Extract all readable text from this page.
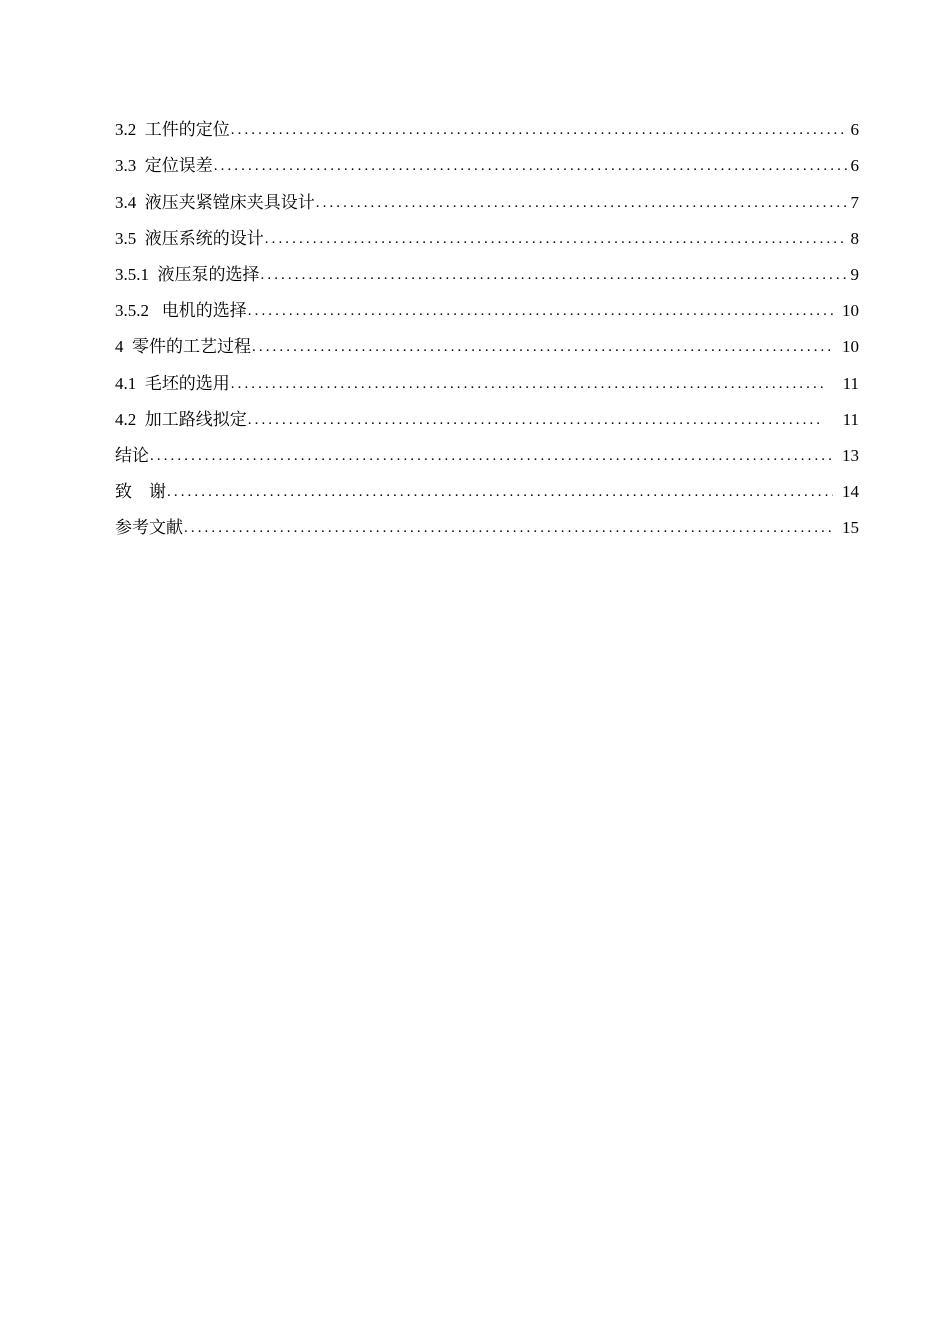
3.2  工件的定位 .....	6
3.3  定位误差 .....	6
3.4  液压夹紧镗床夹具设计 .....	7
3.5  液压系统的设计 .....	8
3.5.1  液压泵的选择 .....	9
3.5.2   电机的选择 .....	10
4  零件的工艺过程 .....	10
4.1  毛坯的选用 .....	11
4.2  加工路线拟定 .....	11
结论 .....	13
致    谢 .....	14
参考文献 .....	15
